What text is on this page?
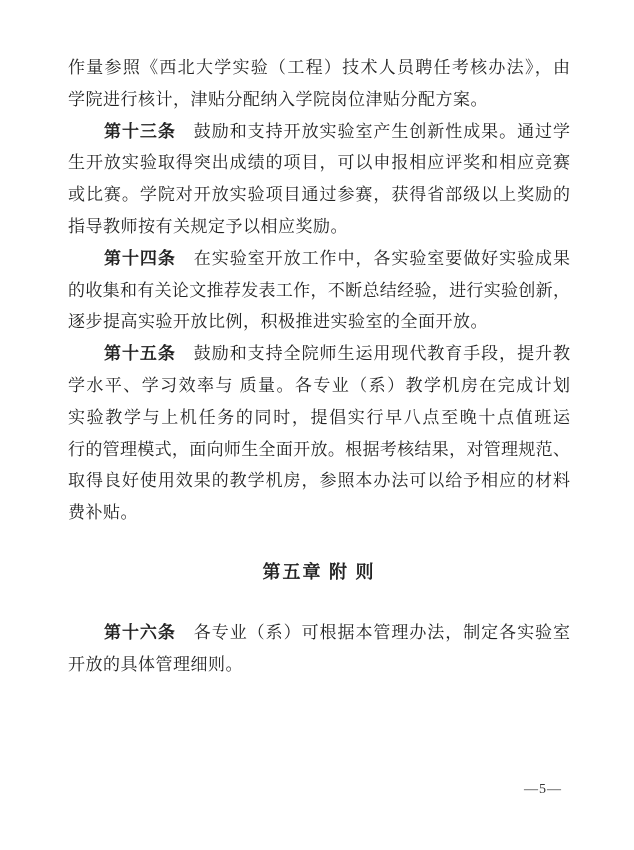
作量参照《西北大学实验（工程）技术人员聘任考核办法》，由
学院进行核计，津贴分配纳入学院岗位津贴分配方案。
第十三条　鼓励和支持开放实验室产生创新性成果。通过学
生开放实验取得突出成绩的项目，可以申报相应评奖和相应竞赛
或比赛。学院对开放实验项目通过参赛，获得省部级以上奖励的
指导教师按有关规定予以相应奖励。
第十四条　在实验室开放工作中，各实验室要做好实验成果
的收集和有关论文推荐发表工作，不断总结经验，进行实验创新，
逐步提高实验开放比例，积极推进实验室的全面开放。
第十五条　鼓励和支持全院师生运用现代教育手段，提升教
学水平、学习效率与 质量。各专业（系）教学机房在完成计划
实验教学与上机任务的同时，提倡实行早八点至晚十点值班运
行的管理模式，面向师生全面开放。根据考核结果，对管理规范、
取得良好使用效果的教学机房，参照本办法可以给予相应的材料
费补贴。
第五章 附 则
第十六条　各专业（系）可根据本管理办法，制定各实验室
开放的具体管理细则。
—5—
